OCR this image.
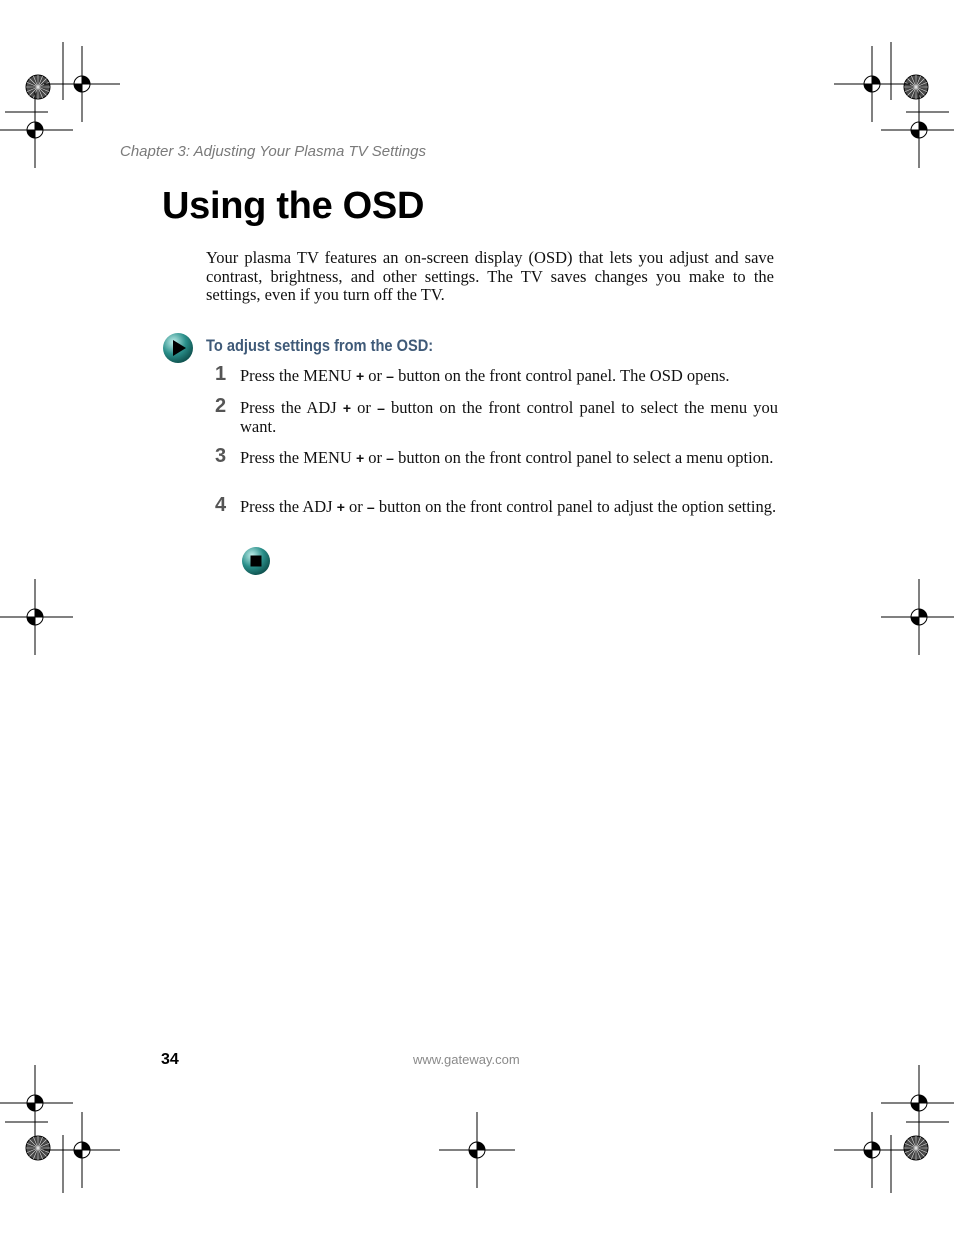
Chapter 3: Adjusting Your Plasma TV Settings
Using the OSD

Your plasma TV features an on-screen display (OSD) that lets you adjust and save contrast, brightness, and other settings. The TV saves changes you make to the settings, even if you turn off the TV.

To adjust settings from the OSD:
1 Press the MENU + or – button on the front control panel. The OSD opens.

2 Press the ADJ + or – button on the front control panel to select the menu you want.

3 Press the MENU + or – button on the front control panel to select a menu option.

4 Press the ADJ + or – button on the front control panel to adjust the option setting.

34	www.gateway.com
